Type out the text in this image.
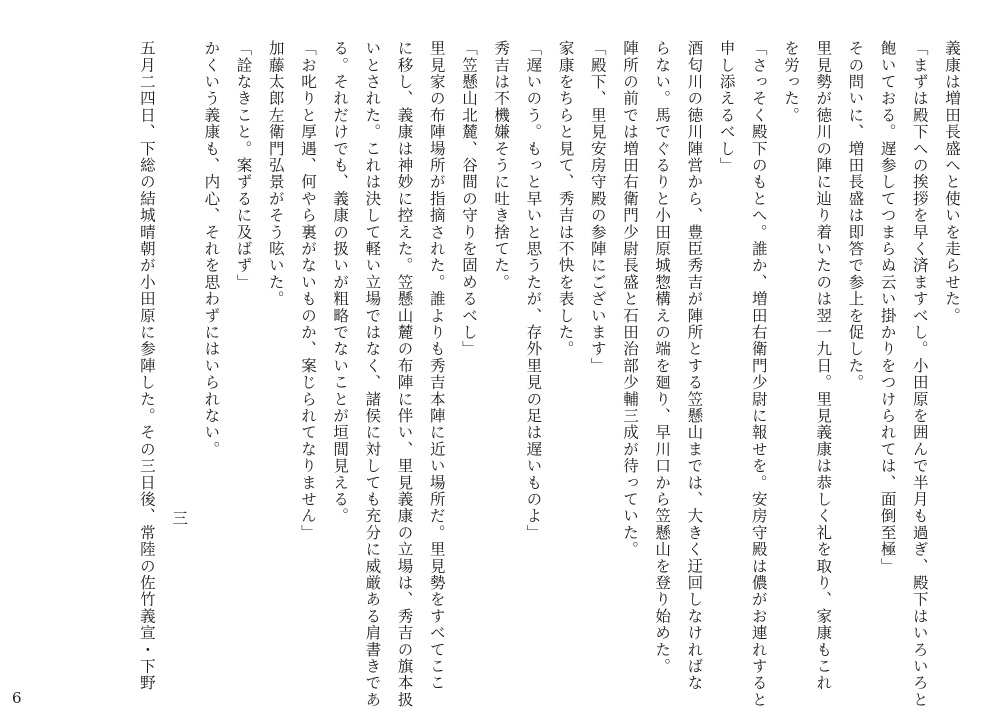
義康は増田長盛へと使いを走らせた。

「まずは殿下への挨拶を早く済ますべし。小田原を囲んで半月も過ぎ、殿下はいろいろと

飽いておる。遅参してつまらぬ云い掛かりをつけられては、面倒至極」

その問いに、増田長盛は即答で参上を促した。

里見勢が徳川の陣に辿り着いたのは翌一九日。里見義康は恭しく礼を取り、家康もこれ

を労った。

「さっそく殿下のもとへ。誰か、増田右衛門少尉に報せを。安房守殿は儂がお連れすると

申し添えるべし」

酒匂川の徳川陣営から、豊臣秀吉が陣所とする笠懸山までは、大きく迂回しなければな

らない。馬でぐるりと小田原城惣構えの端を廻り、早川口から笠懸山を登り始めた。

陣所の前では増田右衛門少尉長盛と石田治部少輔三成が待っていた。

「殿下、里見安房守殿の参陣にございます」

家康をちらと見て、秀吉は不快を表した。

「遅いのう。もっと早いと思うたが、存外里見の足は遅いものよ」

秀吉は不機嫌そうに吐き捨てた。

「笠懸山北麓、谷間の守りを固めるべし」

里見家の布陣場所が指摘された。誰よりも秀吉本陣に近い場所だ。里見勢をすべてここ

に移し、義康は神妙に控えた。笠懸山麓の布陣に伴い、里見義康の立場は、秀吉の旗本扱

いとされた。これは決して軽い立場ではなく、諸侯に対しても充分に威厳ある肩書きであ

る。それだけでも、義康の扱いが粗略でないことが垣間見える。

「お叱りと厚遇、何やら裏がないものか、案じられてなりません」

加藤太郎左衛門弘景がそう呟いた。

「詮なきこと。案ずるに及ばず」

かくいう義康も、内心、それを思わずにはいられない。

三

五月二四日、下総の結城晴朝が小田原に参陣した。その三日後、常陸の佐竹義宣・下野

6
